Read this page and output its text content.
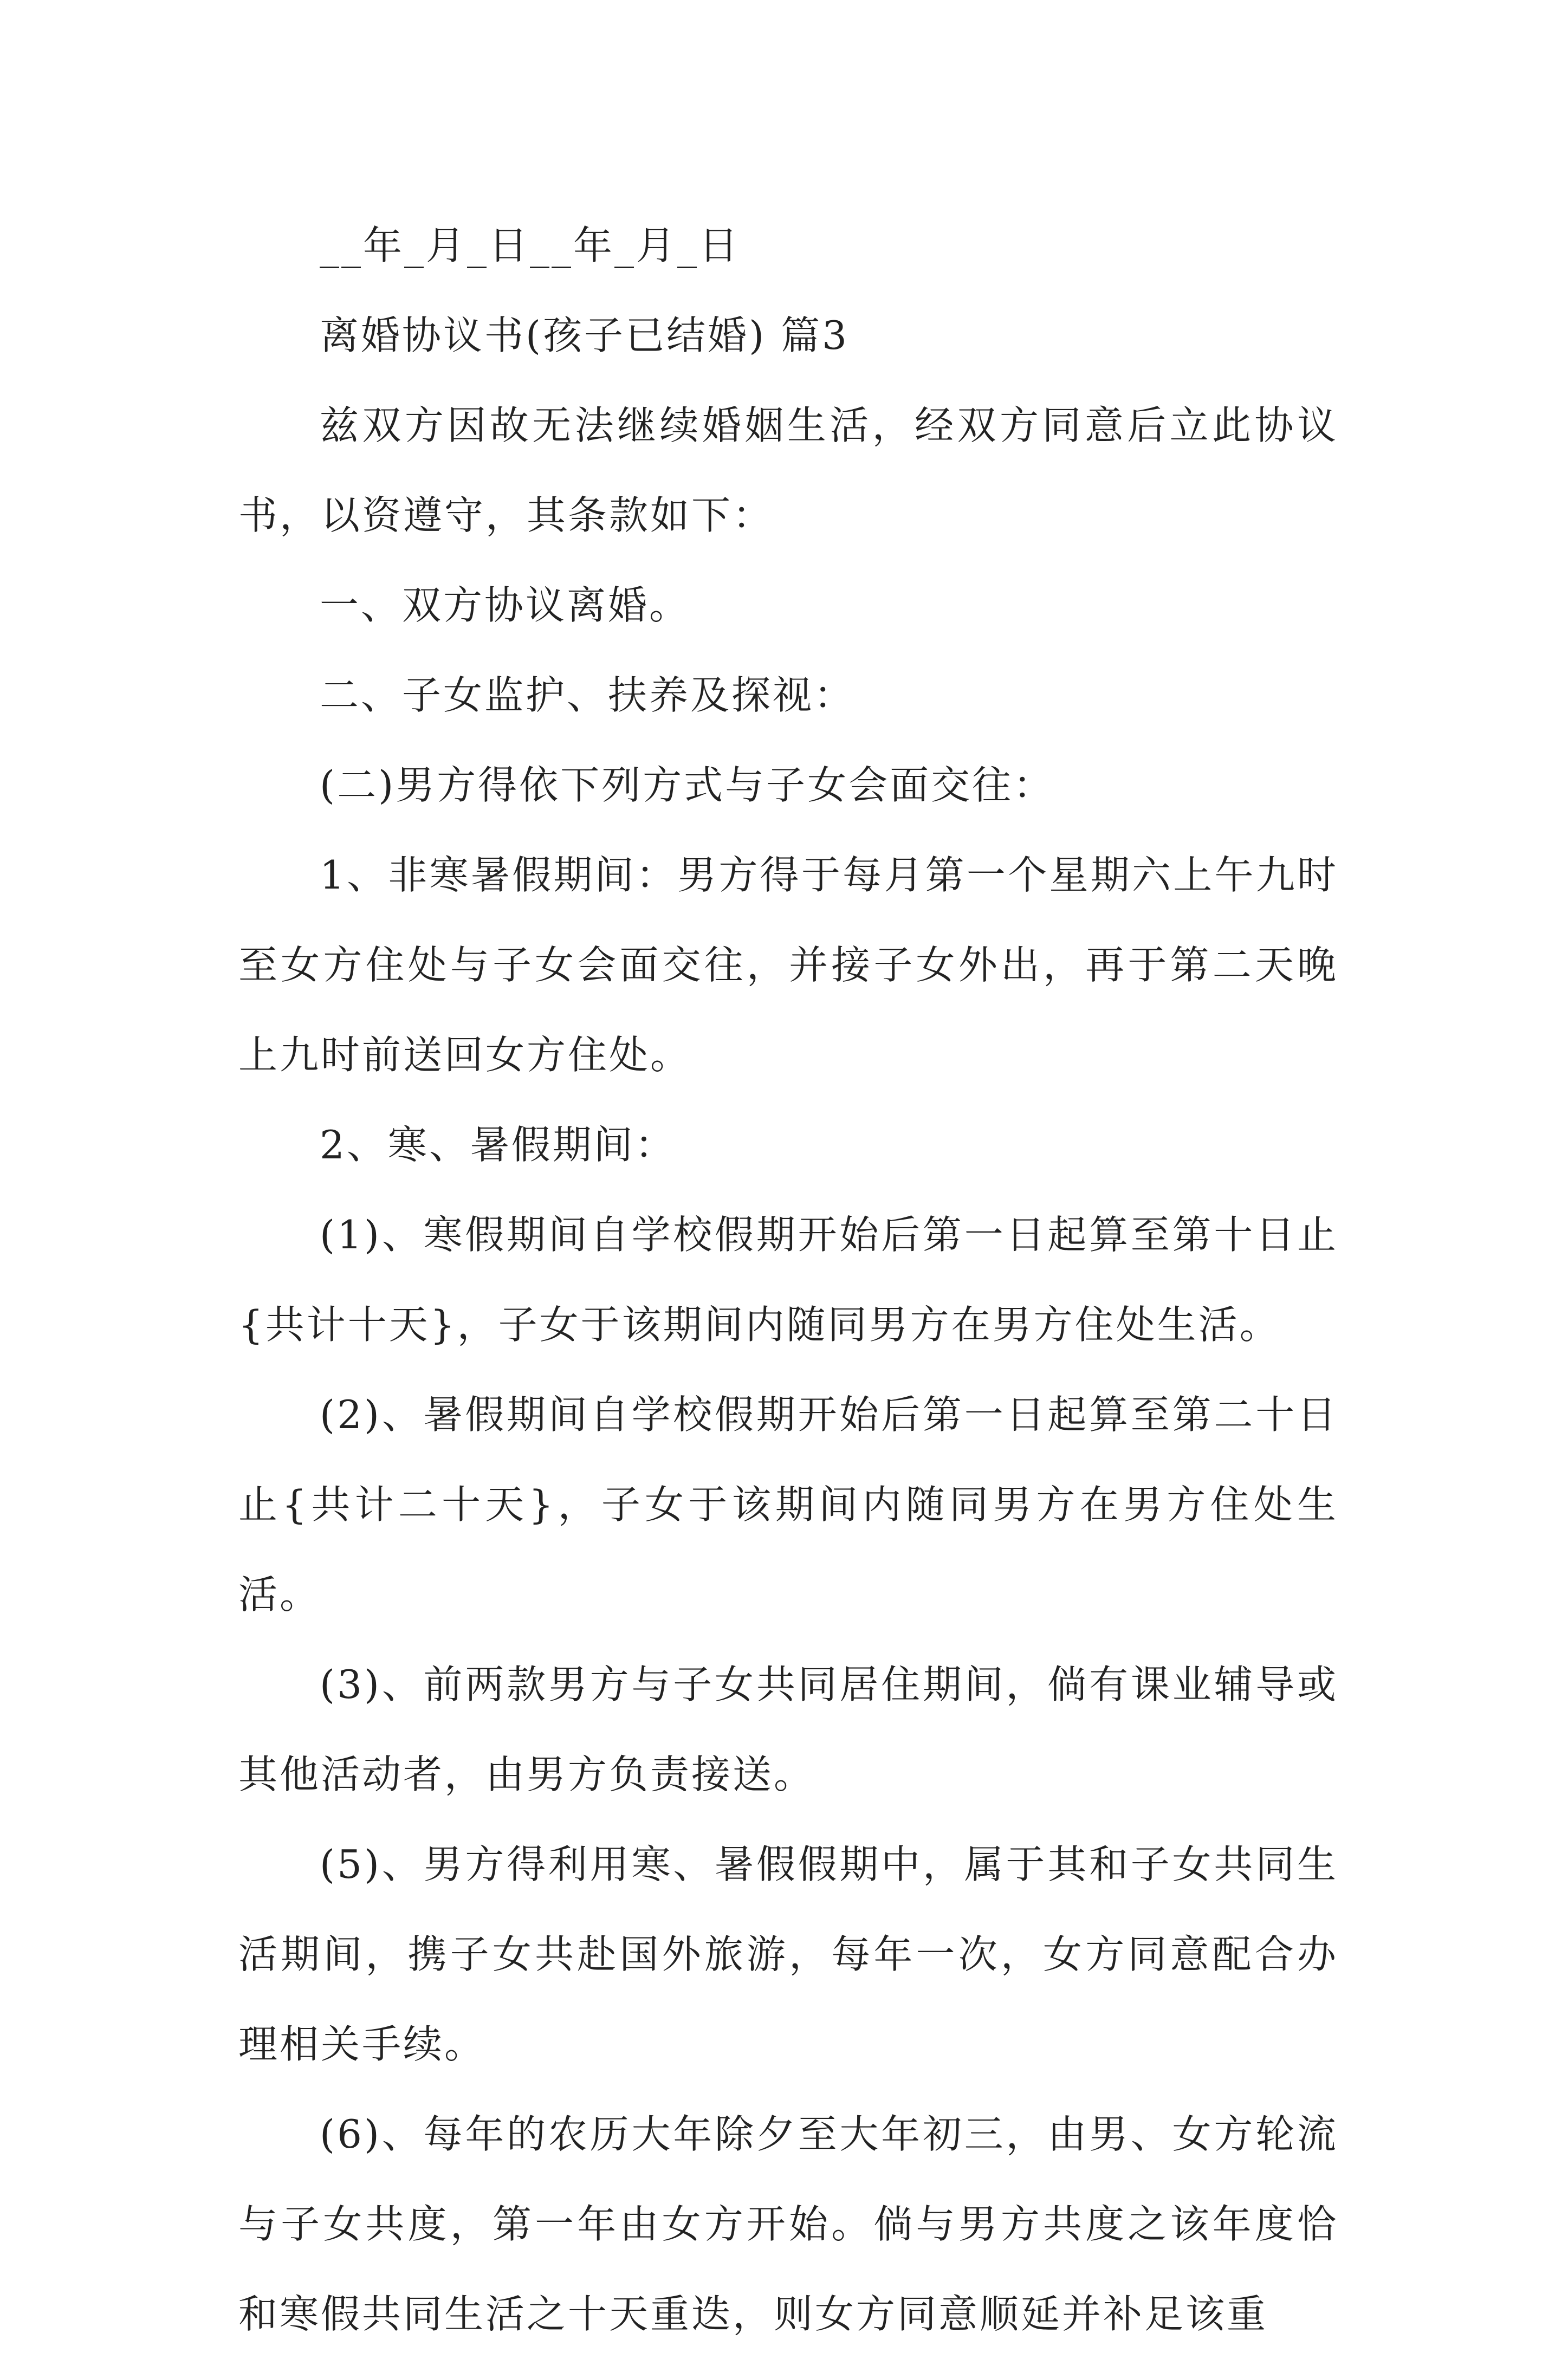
__年_月_日__年_月_日

离婚协议书(孩子已结婚) 篇3

兹双方因故无法继续婚姻生活，经双方同意后立此协议书，以资遵守，其条款如下：

一、双方协议离婚。

二、子女监护、扶养及探视：

(二)男方得依下列方式与子女会面交往：

1、非寒暑假期间：男方得于每月第一个星期六上午九时至女方住处与子女会面交往，并接子女外出，再于第二天晚上九时前送回女方住处。

2、寒、暑假期间：

(1)、寒假期间自学校假期开始后第一日起算至第十日止{共计十天}，子女于该期间内随同男方在男方住处生活。

(2)、暑假期间自学校假期开始后第一日起算至第二十日止{共计二十天}，子女于该期间内随同男方在男方住处生活。

(3)、前两款男方与子女共同居住期间，倘有课业辅导或其他活动者，由男方负责接送。

(5)、男方得利用寒、暑假假期中，属于其和子女共同生活期间，携子女共赴国外旅游，每年一次，女方同意配合办理相关手续。

(6)、每年的农历大年除夕至大年初三，由男、女方轮流与子女共度，第一年由女方开始。倘与男方共度之该年度恰和寒假共同生活之十天重迭，则女方同意顺延并补足该重
